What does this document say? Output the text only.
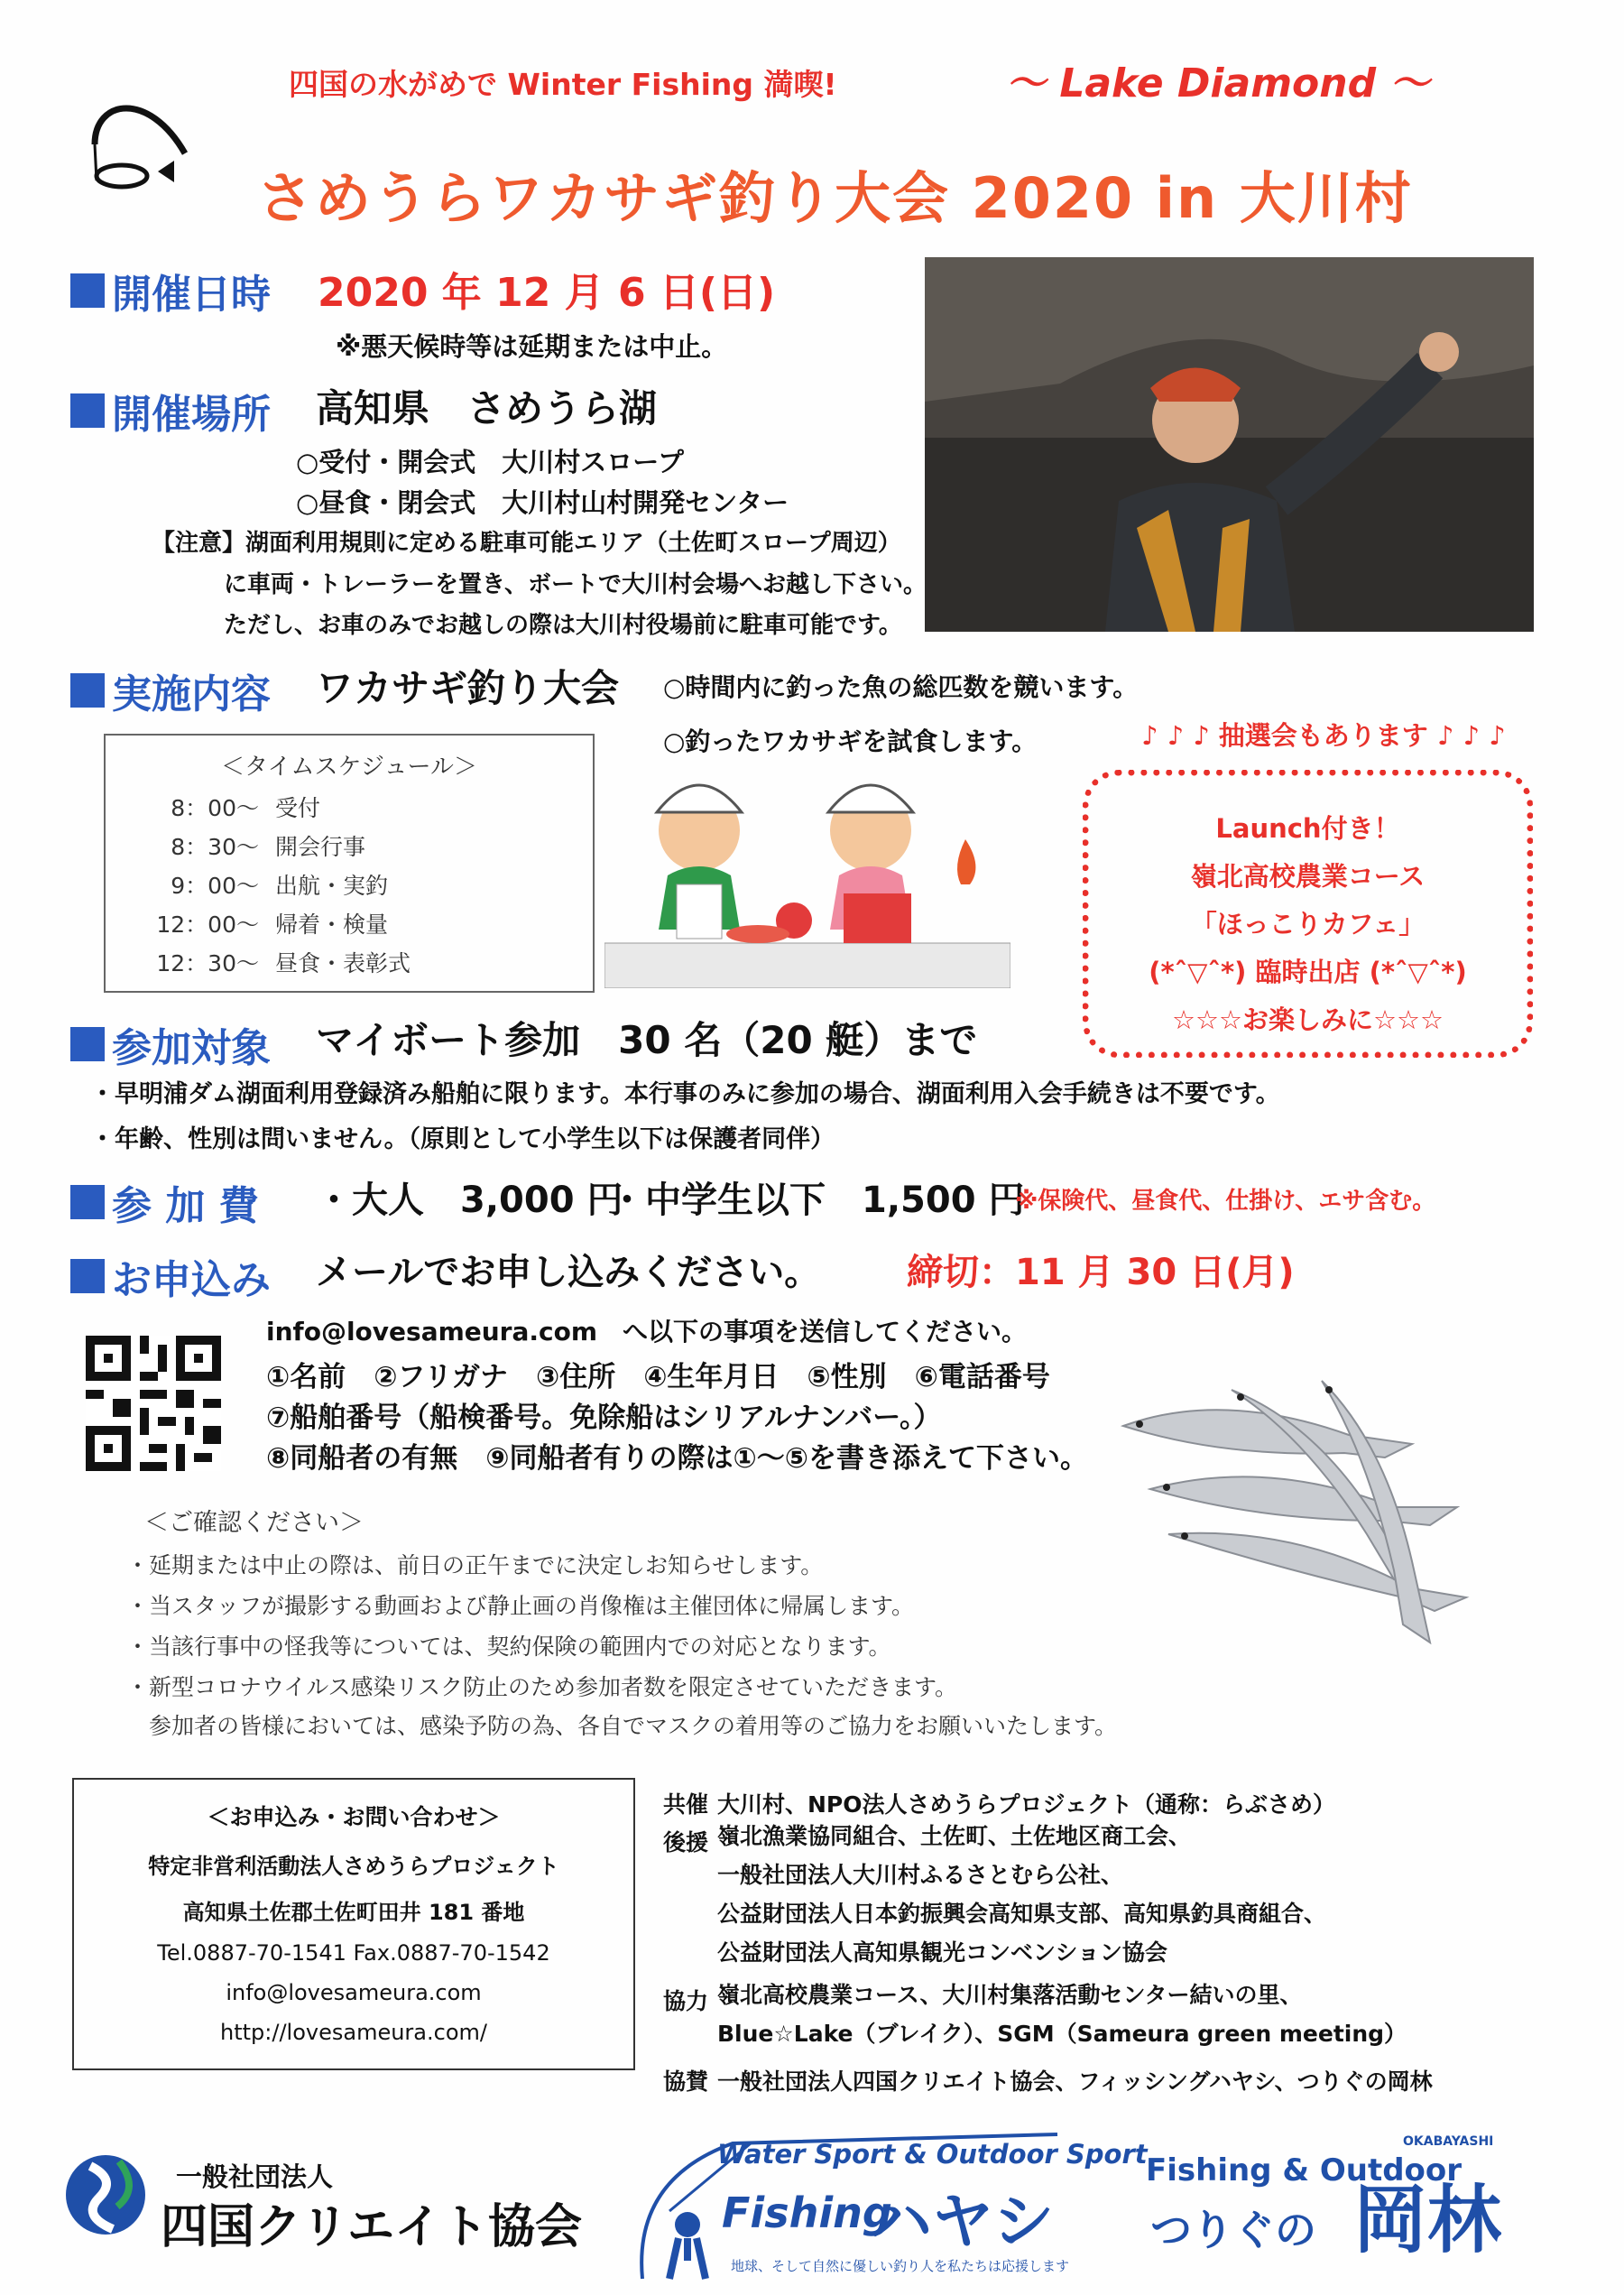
四国の水がめで Winter Fishing 満喫!	～ Lake Diamond ～
さめうらワカサギ釣り大会 2020 in 大川村
開催日時 2020 年 12 月 6 日(日)
※悪天候時等は延期または中止。
開催場所 高知県　さめうら湖
○受付・開会式　大川村スロープ
○昼食・閉会式　大川村山村開発センター
【注意】湖面利用規則に定める駐車可能エリア（土佐町スロープ周辺）
に車両・トレーラーを置き、ボートで大川村会場へお越し下さい。
ただし、お車のみでお越しの際は大川村役場前に駐車可能です。
実施内容 ワカサギ釣り大会 ○時間内に釣った魚の総匹数を競います。
○釣ったワカサギを試食します。	♪ ♪ ♪ 抽選会もあります ♪ ♪ ♪
＜タイムスケジュール＞
8：00～ 受付
8：30～ 開会行事
9：00～ 出航・実釣
12：00～ 帰着・検量
12：30～ 昼食・表彰式
Launch付き！
嶺北高校農業コース
「ほっこりカフェ」
(*ˆ▽ˆ*) 臨時出店 (*ˆ▽ˆ*)
☆☆☆お楽しみに☆☆☆
参加対象 マイボート参加　30 名（20 艇）まで
・早明浦ダム湖面利用登録済み船舶に限ります。本行事のみに参加の場合、湖面利用入会手続きは不要です。
・年齢、性別は問いません。（原則として小学生以下は保護者同伴）
参 加 費 ・大人　3,000 円
・中学生以下　1,500 円
※保険代、昼食代、仕掛け、エサ含む。
お申込み メールでお申し込みください。 締切：11 月 30 日(月)
info@lovesameura.com　へ以下の事項を送信してください。
①名前　②フリガナ　③住所　④生年月日　⑤性別　⑥電話番号
⑦船舶番号（船検番号。免除船はシリアルナンバー。）
⑧同船者の有無　⑨同船者有りの際は①～⑤を書き添えて下さい。
＜ご確認ください＞
・延期または中止の際は、前日の正午までに決定しお知らせします。
・当スタッフが撮影する動画および静止画の肖像権は主催団体に帰属します。
・当該行事中の怪我等については、契約保険の範囲内での対応となります。
・新型コロナウイルス感染リスク防止のため参加者数を限定させていただきます。
　参加者の皆様においては、感染予防の為、各自でマスクの着用等のご協力をお願いいたします。
＜お申込み・お問い合わせ＞
特定非営利活動法人さめうらプロジェクト
高知県土佐郡土佐町田井 181 番地
Tel.0887-70-1541 Fax.0887-70-1542
info@lovesameura.com
http://lovesameura.com/
共催 大川村、NPO法人さめうらプロジェクト（通称：らぶさめ）
後援 嶺北漁業協同組合、土佐町、土佐地区商工会、
一般社団法人大川村ふるさとむら公社、
公益財団法人日本釣振興会高知県支部、高知県釣具商組合、
公益財団法人高知県観光コンベンション協会
協力 嶺北高校農業コース、大川村集落活動センター結いの里、
Blue☆Lake（ブレイク）、SGM（Sameura green meeting）
協賛 一般社団法人四国クリエイト協会、フィッシングハヤシ、つりぐの岡林
一般社団法人
四国クリエイト協会
Water Sport & Outdoor Sport
Fishing
ハヤシ
地球、そして自然に優しい釣り人を私たちは応援します
Fishing & Outdoor
OKABAYASHI
つりぐの 岡林
